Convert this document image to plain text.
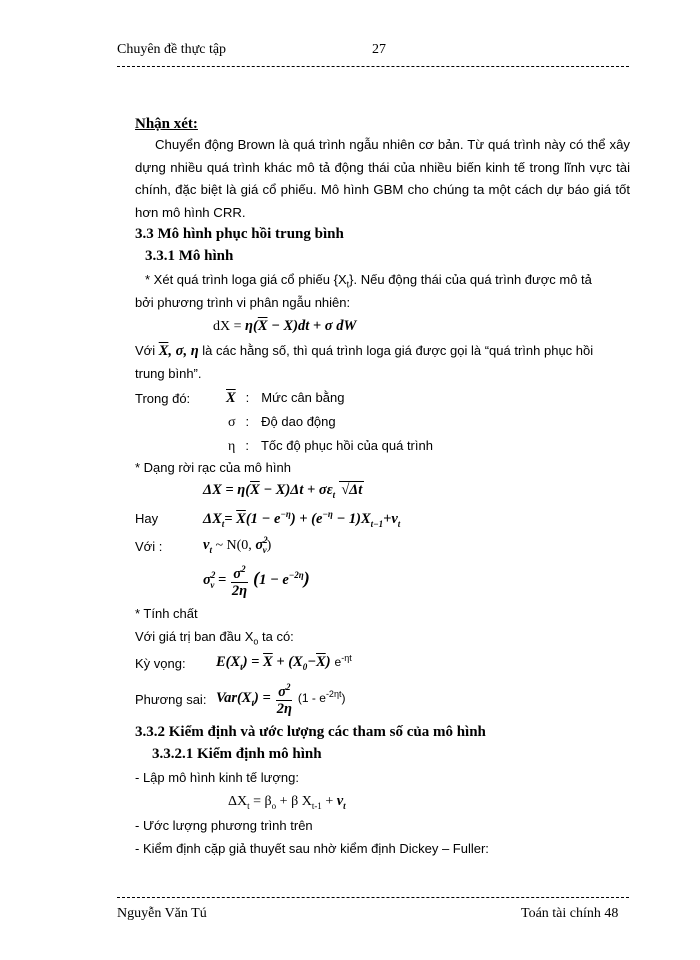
Chuyên đề thực tập	27
Nhận xét:
Chuyển động Brown là quá trình ngẫu nhiên cơ bản. Từ quá trình này có thể xây dựng nhiều quá trình khác mô tả động thái của nhiều biến kinh tế trong lĩnh vực tài chính, đặc biệt là giá cổ phiếu. Mô hình GBM cho chúng ta một cách dự báo giá tốt hơn mô hình CRR.
3.3 Mô hình phục hồi trung bình
3.3.1 Mô hình
* Xét quá trình loga giá cổ phiếu $\{X_t\}$. Nếu động thái của quá trình được mô tả
bởi phương trình vi phân ngẫu nhiên:
dX = $\eta(\overline{X} - X)dt + \sigma$ dW
Với $\overline{X}$, σ, η là các hằng số, thì quá trình loga giá được gọi là “quá trình phục hồi
trung bình”.
Trong đó: $\overline{X}$ : Mức cân bằng
σ : Độ dao động
η : Tốc độ phục hồi của quá trình
* Dạng rời rạc của mô hình
$\Delta X = \eta(\overline{X} - X)\Delta t + \sigma\varepsilon_t$ √Δt
Hay	$\Delta X_t= \overline{X}(1 - e^{-\eta}) + (e^{-\eta} - 1)X_{t-1}+\nu_t$
Với :	$\nu_t$ ~ N(0, $\sigma^2_\nu$)
$\sigma^2_\nu = \frac{\sigma^2}{2\eta} (1 - e^{-2\eta})$
* Tính chất
Với giá trị ban đầu $X_o$ ta có:
Kỳ vọng: $E(X_t) = \overline{X} + (X_0-\overline{X})$ $e^{-\eta t}$
Phương sai: $Var(X_t) = \frac{\sigma^2}{2\eta} (1 - e^{-2\eta t})$
3.3.2 Kiểm định và ước lượng các tham số của mô hình
3.3.2.1 Kiểm định mô hình
- Lập mô hình kinh tế lượng:
$\Delta X_t = \beta_o + \beta$ $X_{t-1} + \nu_t$
- Ước lượng phương trình trên
- Kiểm định cặp giả thuyết sau nhờ kiểm định Dickey – Fuller:
Nguyễn Văn Tú	Toán tài chính 48
